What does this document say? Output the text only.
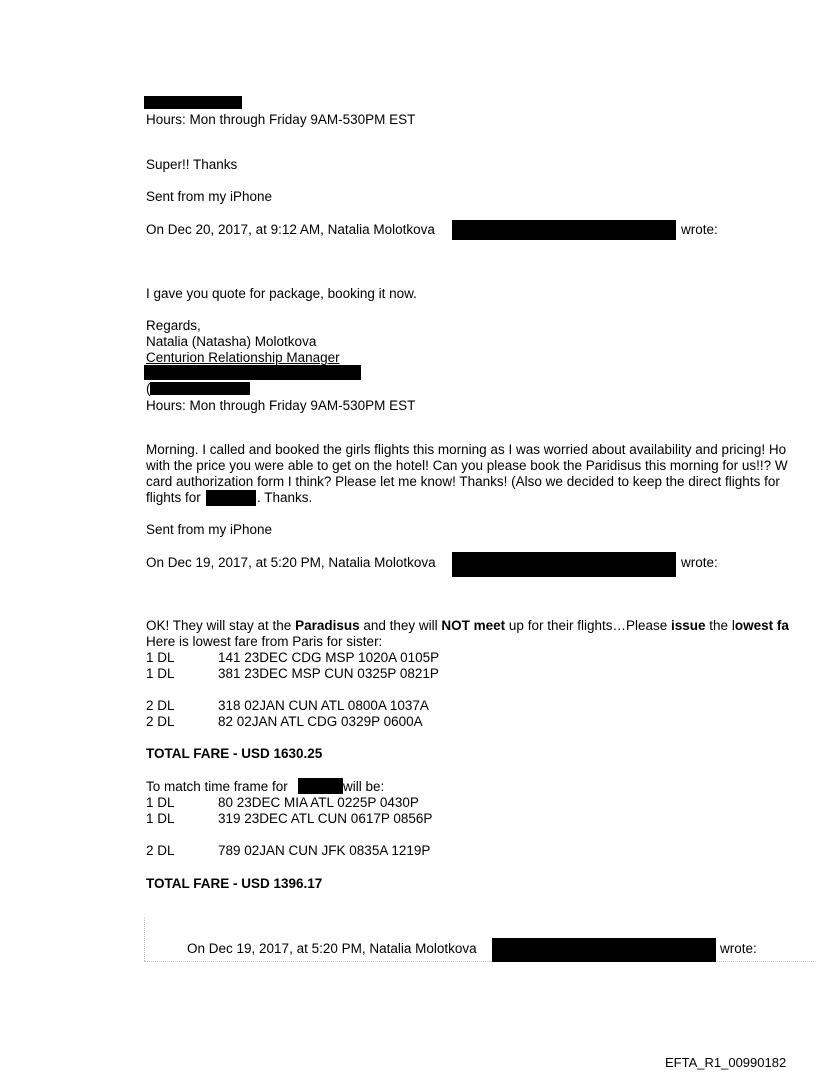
Hours: Mon through Friday 9AM-530PM EST
Super!! Thanks
Sent from my iPhone
On Dec 20, 2017, at 9:12 AM, Natalia Molotkova	wrote:
I gave you quote for package, booking it now.
Regards,
Natalia (Natasha) Molotkova
Centurion Relationship Manager
(
Hours: Mon through Friday 9AM-530PM EST
Morning. I called and booked the girls flights this morning as I was worried about availability and pricing! Ho
with the price you were able to get on the hotel! Can you please book the Paridisus this morning for us!!? W
card authorization form I think? Please let me know! Thanks! (Also we decided to keep the direct flights for
flights for	. Thanks.
Sent from my iPhone
On Dec 19, 2017, at 5:20 PM, Natalia Molotkova	wrote:
OK! They will stay at the Paradisus and they will NOT meet up for their flights…Please issue the lowest fa
Here is lowest fare from Paris for sister:
1 DL	141 23DEC CDG MSP 1020A 0105P
1 DL	381 23DEC MSP CUN 0325P 0821P
2 DL	318 02JAN CUN ATL 0800A 1037A
2 DL	82 02JAN ATL CDG 0329P 0600A
TOTAL FARE - USD 1630.25
To match time frame for	will be:
1 DL	80 23DEC MIA ATL 0225P 0430P
1 DL	319 23DEC ATL CUN 0617P 0856P
2 DL	789 02JAN CUN JFK 0835A 1219P
TOTAL FARE - USD 1396.17
On Dec 19, 2017, at 5:20 PM, Natalia Molotkova	wrote:
EFTA_R1_00990182
